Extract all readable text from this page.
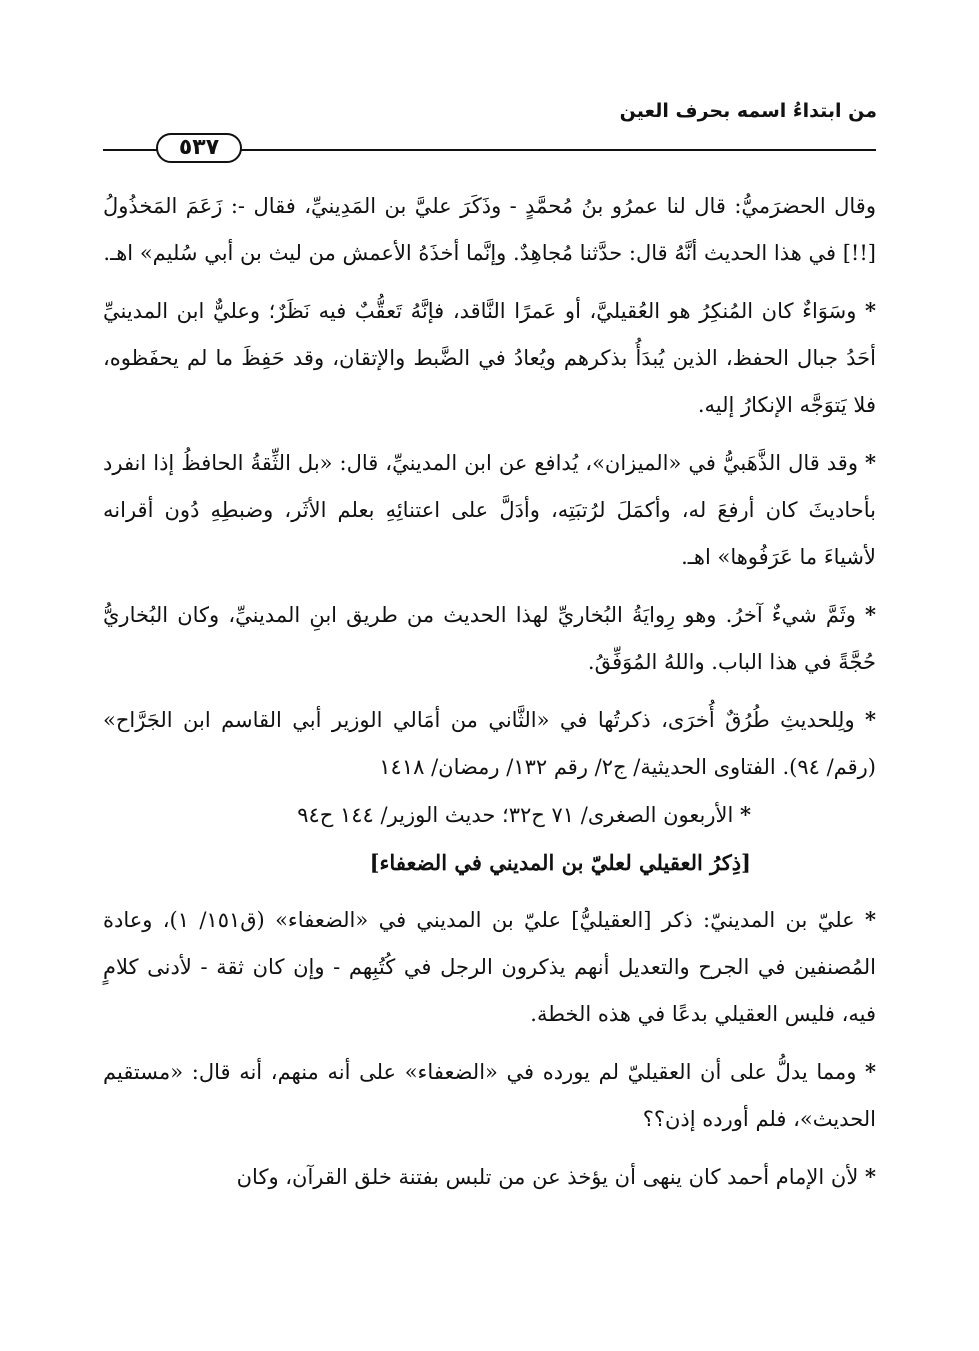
من ابتداءُ اسمه بحرف العين
٥٣٧

وقال الحضرَميُّ: قال لنا عمرُو بنُ مُحمَّدٍ - وذَكَرَ عليَّ بن المَدِينيِّ، فقال -: زَعَمَ المَخذُولُ [!!] في هذا الحديث أنَّهُ قال: حدَّثنا مُجاهِدٌ. وإنَّما أخذَهُ الأعمش من ليث بن أبي سُليم» اهـ.

* وسَوَاءٌ كان المُنكِرُ هو العُقيليَّ، أو عَمرًا النَّاقد، فإنَّهُ تَعقُّبٌ فيه نَظَرٌ؛ وعليٌّ ابن المدينيِّ أحَدُ جبال الحفظ، الذين يُبدَأُ بذكرهم ويُعادُ في الضَّبط والإتقان، وقد حَفِظَ ما لم يحفَظوه، فلا يَتوَجَّه الإنكارُ إليه.

* وقد قال الذَّهَبيُّ في «الميزان»، يُدافع عن ابن المدينيِّ، قال: «بل الثِّقةُ الحافظُ إذا انفرد بأحاديثَ كان أرفعَ له، وأكمَلَ لرُتبَتِه، وأدَلَّ على اعتنائِهِ بعلم الأثَر، وضبطِهِ دُون أقرانه لأشياءَ ما عَرَفُوها» اهـ.

* وثَمَّ شيءٌ آخرُ. وهو رِوايَةُ البُخاريِّ لهذا الحديث من طريق ابنِ المدينيِّ، وكان البُخاريُّ حُجَّةً في هذا الباب. واللهُ المُوَفِّقُ.

* ولِلحديثِ طُرُقٌ أُخرَى، ذكرتُها في «الثَّاني من أمَالي الوزير أبي القاسم ابن الجَرَّاح» (رقم/ ٩٤). الفتاوى الحديثية/ ج٢/ رقم ١٣٢/ رمضان/ ١٤١٨

* الأربعون الصغرى/ ٧١ ح٣٢؛ حديث الوزير/ ١٤٤ ح٩٤

[ذِكرُ العقيلي لعليّ بن المديني في الضعفاء]

* عليّ بن المدينيّ: ذكر [العقيليُّ] عليّ بن المديني في «الضعفاء» (ق١٥١/ ١)، وعادة المُصنفين في الجرح والتعديل أنهم يذكرون الرجل في كُتُبِهم - وإن كان ثقة - لأدنى كلامٍ فيه، فليس العقيلي بدعًا في هذه الخطة.

* ومما يدلُّ على أن العقيليّ لم يورده في «الضعفاء» على أنه منهم، أنه قال: «مستقيم الحديث»، فلم أورده إذن؟؟

* لأن الإمام أحمد كان ينهى أن يؤخذ عن من تلبس بفتنة خلق القرآن، وكان
